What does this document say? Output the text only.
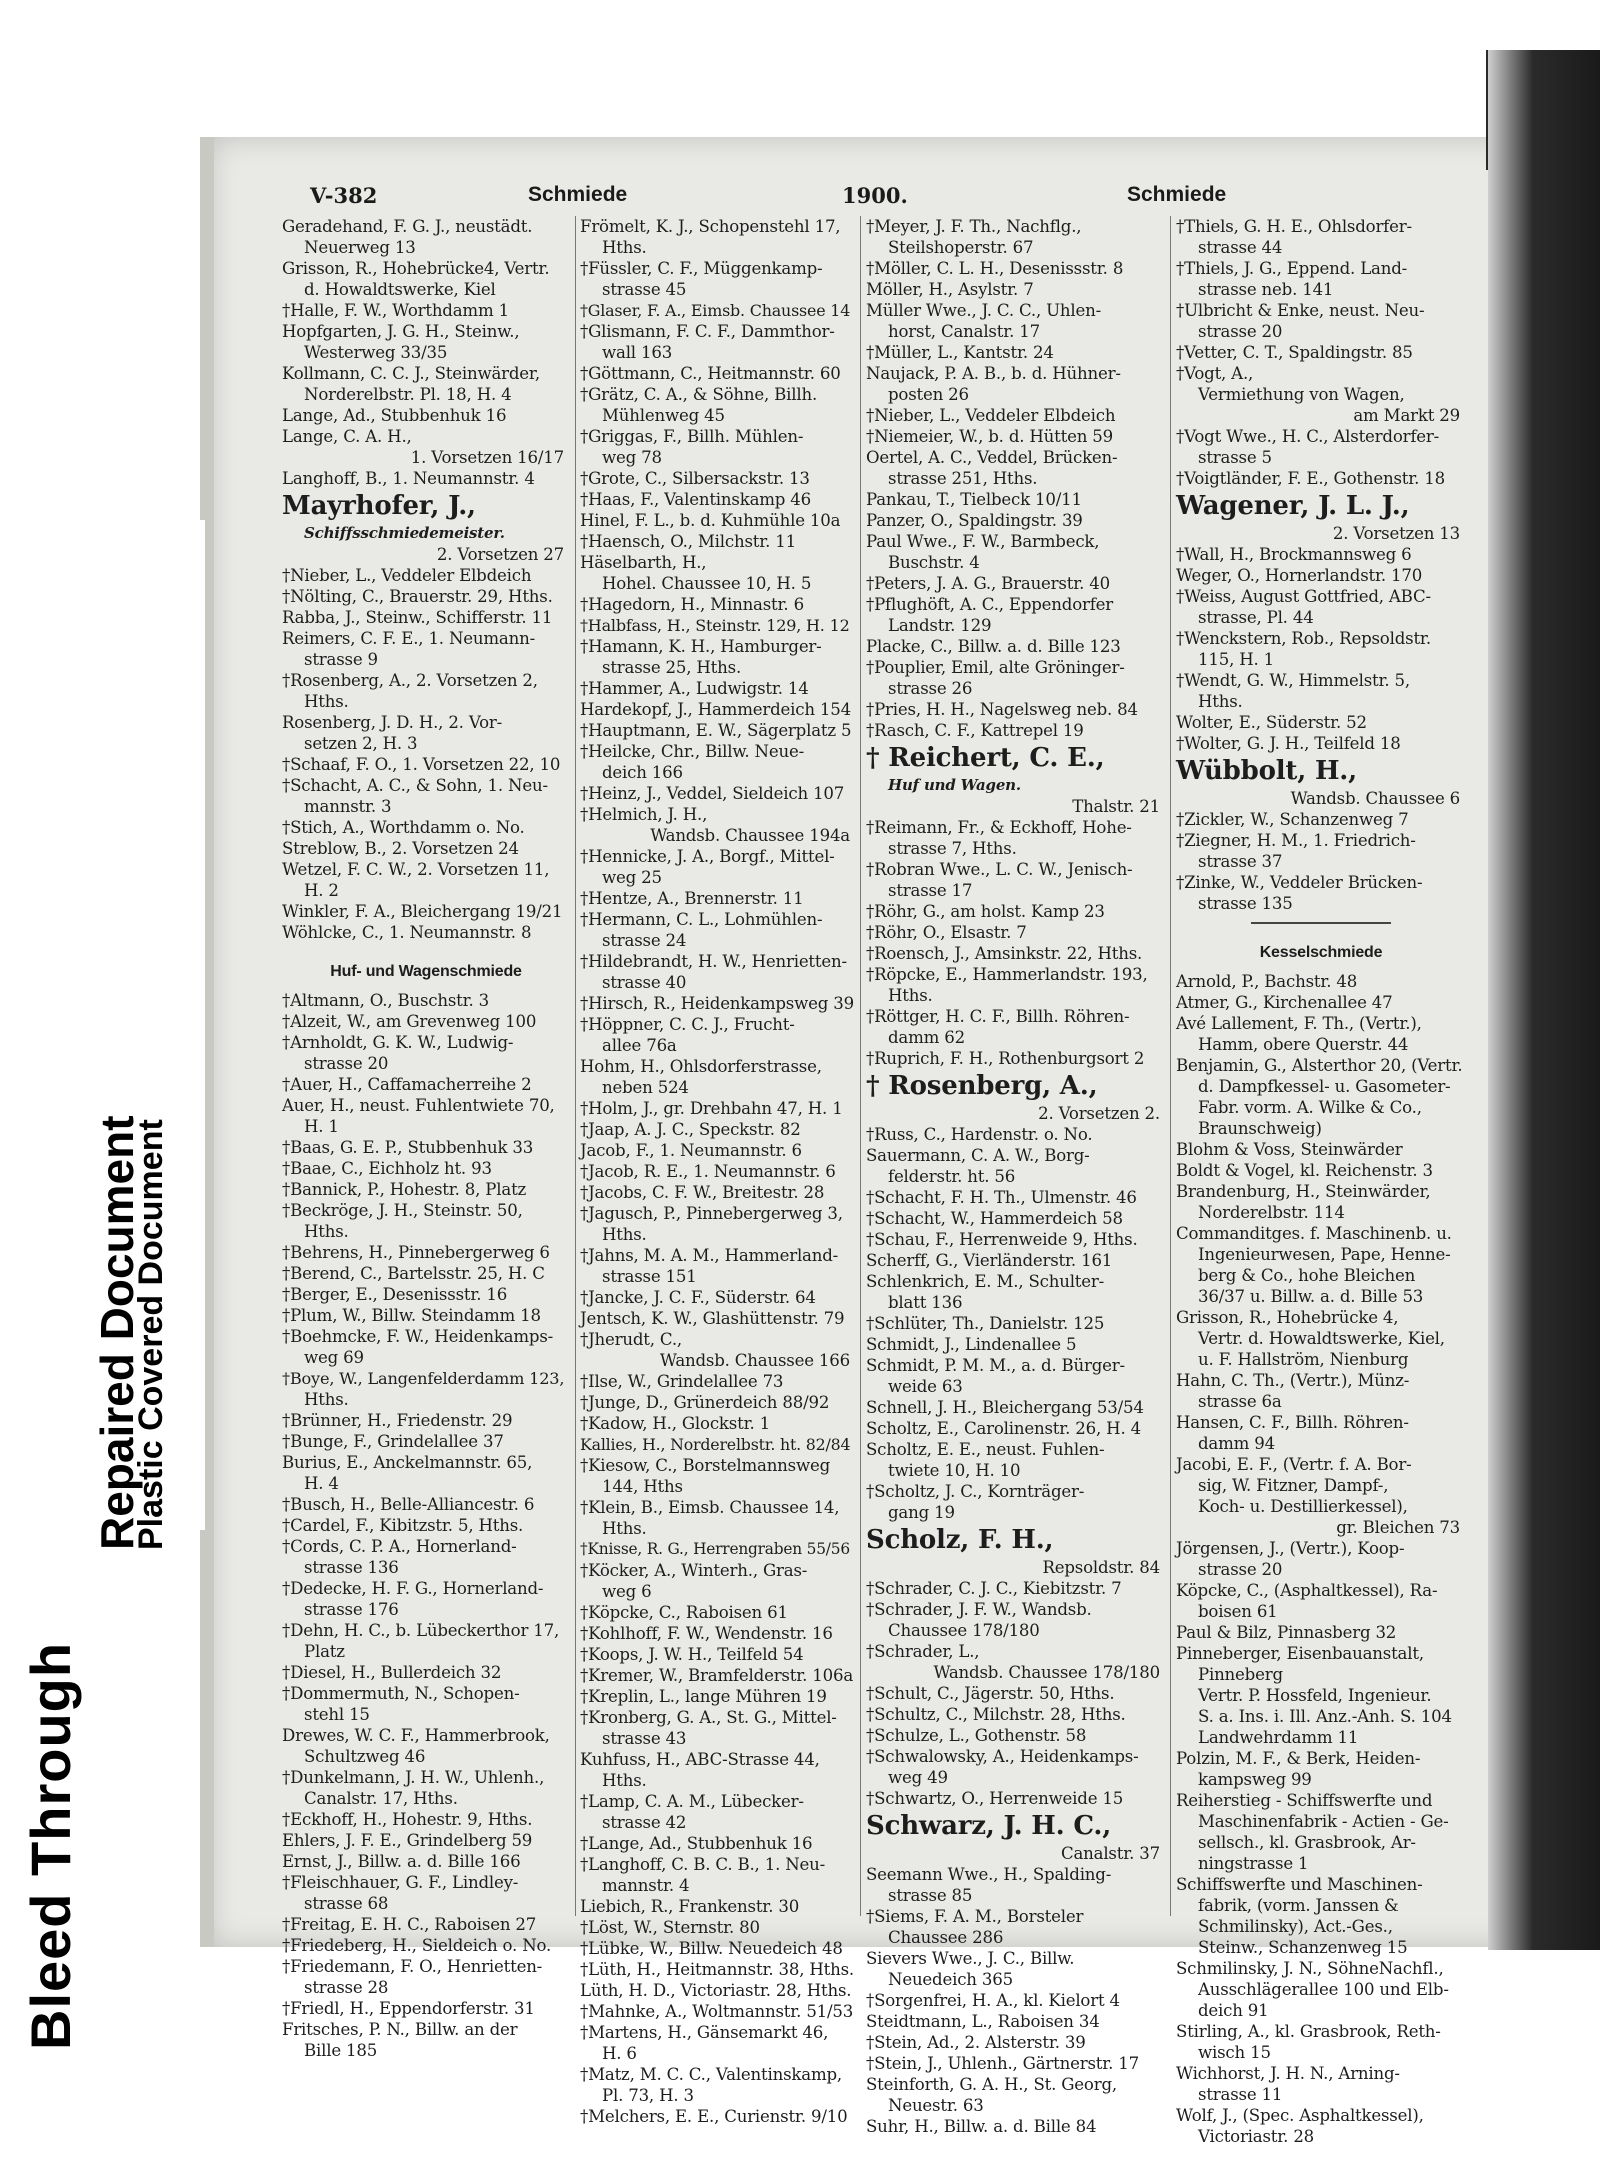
Bleed Through
Repaired Document
Plastic Covered Document
V-382	Schmiede	1900.	Schmiede
Geradehand, F. G. J., neustädt.
Neuerweg 13
Grisson, R., Hohebrücke4, Vertr.
d. Howaldtswerke, Kiel
†Halle, F. W., Worthdamm 1
Hopfgarten, J. G. H., Steinw.,
Westerweg 33/35
Kollmann, C. C. J., Steinwärder,
Norderelbstr. Pl. 18, H. 4
Lange, Ad., Stubbenhuk 16
Lange, C. A. H.,
1. Vorsetzen 16/17
Langhoff, B., 1. Neumannstr. 4
Mayrhofer, J.,
Schiffsschmiedemeister.
2. Vorsetzen 27
†Nieber, L., Veddeler Elbdeich
†Nölting, C., Brauerstr. 29, Hths.
Rabba, J., Steinw., Schifferstr. 11
Reimers, C. F. E., 1. Neumann-
strasse 9
†Rosenberg, A., 2. Vorsetzen 2,
Hths.
Rosenberg, J. D. H., 2. Vor-
setzen 2, H. 3
†Schaaf, F. O., 1. Vorsetzen 22, 10
†Schacht, A. C., & Sohn, 1. Neu-
mannstr. 3
†Stich, A., Worthdamm o. No.
Streblow, B., 2. Vorsetzen 24
Wetzel, F. C. W., 2. Vorsetzen 11,
H. 2
Winkler, F. A., Bleichergang 19/21
Wöhlcke, C., 1. Neumannstr. 8
Huf- und Wagenschmiede
†Altmann, O., Buschstr. 3
†Alzeit, W., am Grevenweg 100
†Arnholdt, G. K. W., Ludwig-
strasse 20
†Auer, H., Caffamacherreihe 2
Auer, H., neust. Fuhlentwiete 70,
H. 1
†Baas, G. E. P., Stubbenhuk 33
†Baae, C., Eichholz ht. 93
†Bannick, P., Hohestr. 8, Platz
†Beckröge, J. H., Steinstr. 50,
Hths.
†Behrens, H., Pinnebergerweg 6
†Berend, C., Bartelsstr. 25, H. C
†Berger, E., Desenissstr. 16
†Plum, W., Billw. Steindamm 18
†Boehmcke, F. W., Heidenkamps-
weg 69
†Boye, W., Langenfelderdamm 123,
Hths.
†Brünner, H., Friedenstr. 29
†Bunge, F., Grindelallee 37
Burius, E., Anckelmannstr. 65,
H. 4
†Busch, H., Belle-Alliancestr. 6
†Cardel, F., Kibitzstr. 5, Hths.
†Cords, C. P. A., Hornerland-
strasse 136
†Dedecke, H. F. G., Hornerland-
strasse 176
†Dehn, H. C., b. Lübeckerthor 17,
Platz
†Diesel, H., Bullerdeich 32
†Dommermuth, N., Schopen-
stehl 15
Drewes, W. C. F., Hammerbrook,
Schultzweg 46
†Dunkelmann, J. H. W., Uhlenh.,
Canalstr. 17, Hths.
†Eckhoff, H., Hohestr. 9, Hths.
Ehlers, J. F. E., Grindelberg 59
Ernst, J., Billw. a. d. Bille 166
†Fleischhauer, G. F., Lindley-
strasse 68
†Freitag, E. H. C., Raboisen 27
†Friedeberg, H., Sieldeich o. No.
†Friedemann, F. O., Henrietten-
strasse 28
†Friedl, H., Eppendorferstr. 31
Fritsches, P. N., Billw. an der
Bille 185
Frömelt, K. J., Schopenstehl 17,
Hths.
†Füssler, C. F., Müggenkamp-
strasse 45
†Glaser, F. A., Eimsb. Chaussee 14
†Glismann, F. C. F., Dammthor-
wall 163
†Göttmann, C., Heitmannstr. 60
†Grätz, C. A., & Söhne, Billh.
Mühlenweg 45
†Griggas, F., Billh. Mühlen-
weg 78
†Grote, C., Silbersackstr. 13
†Haas, F., Valentinskamp 46
Hinel, F. L., b. d. Kuhmühle 10a
†Haensch, O., Milchstr. 11
Häselbarth, H.,
Hohel. Chaussee 10, H. 5
†Hagedorn, H., Minnastr. 6
†Halbfass, H., Steinstr. 129, H. 12
†Hamann, K. H., Hamburger-
strasse 25, Hths.
†Hammer, A., Ludwigstr. 14
Hardekopf, J., Hammerdeich 154
†Hauptmann, E. W., Sägerplatz 5
†Heilcke, Chr., Billw. Neue-
deich 166
†Heinz, J., Veddel, Sieldeich 107
†Helmich, J. H.,
Wandsb. Chaussee 194a
†Hennicke, J. A., Borgf., Mittel-
weg 25
†Hentze, A., Brennerstr. 11
†Hermann, C. L., Lohmühlen-
strasse 24
†Hildebrandt, H. W., Henrietten-
strasse 40
†Hirsch, R., Heidenkampsweg 39
†Höppner, C. C. J., Frucht-
allee 76a
Hohm, H., Ohlsdorferstrasse,
neben 524
†Holm, J., gr. Drehbahn 47, H. 1
†Jaap, A. J. C., Speckstr. 82
Jacob, F., 1. Neumannstr. 6
†Jacob, R. E., 1. Neumannstr. 6
†Jacobs, C. F. W., Breitestr. 28
†Jagusch, P., Pinnebergerweg 3,
Hths.
†Jahns, M. A. M., Hammerland-
strasse 151
†Jancke, J. C. F., Süderstr. 64
Jentsch, K. W., Glashüttenstr. 79
†Jherudt, C.,
Wandsb. Chaussee 166
†Ilse, W., Grindelallee 73
†Junge, D., Grünerdeich 88/92
†Kadow, H., Glockstr. 1
Kallies, H., Norderelbstr. ht. 82/84
†Kiesow, C., Borstelmannsweg
144, Hths
†Klein, B., Eimsb. Chaussee 14,
Hths.
†Knisse, R. G., Herrengraben 55/56
†Köcker, A., Winterh., Gras-
weg 6
†Köpcke, C., Raboisen 61
†Kohlhoff, F. W., Wendenstr. 16
†Koops, J. W. H., Teilfeld 54
†Kremer, W., Bramfelderstr. 106a
†Kreplin, L., lange Mühren 19
†Kronberg, G. A., St. G., Mittel-
strasse 43
Kuhfuss, H., ABC-Strasse 44,
Hths.
†Lamp, C. A. M., Lübecker-
strasse 42
†Lange, Ad., Stubbenhuk 16
†Langhoff, C. B. C. B., 1. Neu-
mannstr. 4
Liebich, R., Frankenstr. 30
†Löst, W., Sternstr. 80
†Lübke, W., Billw. Neuedeich 48
†Lüth, H., Heitmannstr. 38, Hths.
Lüth, H. D., Victoriastr. 28, Hths.
†Mahnke, A., Woltmannstr. 51/53
†Martens, H., Gänsemarkt 46,
H. 6
†Matz, M. C. C., Valentinskamp,
Pl. 73, H. 3
†Melchers, E. E., Curienstr. 9/10
†Meyer, J. F. Th., Nachflg.,
Steilshoperstr. 67
†Möller, C. L. H., Desenissstr. 8
Möller, H., Asylstr. 7
Müller Wwe., J. C. C., Uhlen-
horst, Canalstr. 17
†Müller, L., Kantstr. 24
Naujack, P. A. B., b. d. Hühner-
posten 26
†Nieber, L., Veddeler Elbdeich
†Niemeier, W., b. d. Hütten 59
Oertel, A. C., Veddel, Brücken-
strasse 251, Hths.
Pankau, T., Tielbeck 10/11
Panzer, O., Spaldingstr. 39
Paul Wwe., F. W., Barmbeck,
Buschstr. 4
†Peters, J. A. G., Brauerstr. 40
†Pflughöft, A. C., Eppendorfer
Landstr. 129
Placke, C., Billw. a. d. Bille 123
†Pouplier, Emil, alte Gröninger-
strasse 26
†Pries, H. H., Nagelsweg neb. 84
†Rasch, C. F., Kattrepel 19
† Reichert, C. E.,
Huf und Wagen.
Thalstr. 21
†Reimann, Fr., & Eckhoff, Hohe-
strasse 7, Hths.
†Robran Wwe., L. C. W., Jenisch-
strasse 17
†Röhr, G., am holst. Kamp 23
†Röhr, O., Elsastr. 7
†Roensch, J., Amsinkstr. 22, Hths.
†Röpcke, E., Hammerlandstr. 193,
Hths.
†Röttger, H. C. F., Billh. Röhren-
damm 62
†Ruprich, F. H., Rothenburgsort 2
† Rosenberg, A.,
2. Vorsetzen 2.
†Russ, C., Hardenstr. o. No.
Sauermann, C. A. W., Borg-
felderstr. ht. 56
†Schacht, F. H. Th., Ulmenstr. 46
†Schacht, W., Hammerdeich 58
†Schau, F., Herrenweide 9, Hths.
Scherff, G., Vierländerstr. 161
Schlenkrich, E. M., Schulter-
blatt 136
†Schlüter, Th., Danielstr. 125
Schmidt, J., Lindenallee 5
Schmidt, P. M. M., a. d. Bürger-
weide 63
Schnell, J. H., Bleichergang 53/54
Scholtz, E., Carolinenstr. 26, H. 4
Scholtz, E. E., neust. Fuhlen-
twiete 10, H. 10
†Scholtz, J. C., Kornträger-
gang 19
Scholz, F. H.,
Repsoldstr. 84
†Schrader, C. J. C., Kiebitzstr. 7
†Schrader, J. F. W., Wandsb.
Chaussee 178/180
†Schrader, L.,
Wandsb. Chaussee 178/180
†Schult, C., Jägerstr. 50, Hths.
†Schultz, C., Milchstr. 28, Hths.
†Schulze, L., Gothenstr. 58
†Schwalowsky, A., Heidenkamps-
weg 49
†Schwartz, O., Herrenweide 15
Schwarz, J. H. C.,
Canalstr. 37
Seemann Wwe., H., Spalding-
strasse 85
†Siems, F. A. M., Borsteler
Chaussee 286
Sievers Wwe., J. C., Billw.
Neuedeich 365
†Sorgenfrei, H. A., kl. Kielort 4
Steidtmann, L., Raboisen 34
†Stein, Ad., 2. Alsterstr. 39
†Stein, J., Uhlenh., Gärtnerstr. 17
Steinforth, G. A. H., St. Georg,
Neuestr. 63
Suhr, H., Billw. a. d. Bille 84
†Thiels, G. H. E., Ohlsdorfer-
strasse 44
†Thiels, J. G., Eppend. Land-
strasse neb. 141
†Ulbricht & Enke, neust. Neu-
strasse 20
†Vetter, C. T., Spaldingstr. 85
†Vogt, A.,
Vermiethung von Wagen,
am Markt 29
†Vogt Wwe., H. C., Alsterdorfer-
strasse 5
†Voigtländer, F. E., Gothenstr. 18
Wagener, J. L. J.,
2. Vorsetzen 13
†Wall, H., Brockmannsweg 6
Weger, O., Hornerlandstr. 170
†Weiss, August Gottfried, ABC-
strasse, Pl. 44
†Wenckstern, Rob., Repsoldstr.
115, H. 1
†Wendt, G. W., Himmelstr. 5,
Hths.
Wolter, E., Süderstr. 52
†Wolter, G. J. H., Teilfeld 18
Wübbolt, H.,
Wandsb. Chaussee 6
†Zickler, W., Schanzenweg 7
†Ziegner, H. M., 1. Friedrich-
strasse 37
†Zinke, W., Veddeler Brücken-
strasse 135
Kesselschmiede
Arnold, P., Bachstr. 48
Atmer, G., Kirchenallee 47
Avé Lallement, F. Th., (Vertr.),
Hamm, obere Querstr. 44
Benjamin, G., Alsterthor 20, (Vertr.
d. Dampfkessel- u. Gasometer-
Fabr. vorm. A. Wilke & Co.,
Braunschweig)
Blohm & Voss, Steinwärder
Boldt & Vogel, kl. Reichenstr. 3
Brandenburg, H., Steinwärder,
Norderelbstr. 114
Commanditges. f. Maschinenb. u.
Ingenieurwesen, Pape, Henne-
berg & Co., hohe Bleichen
36/37 u. Billw. a. d. Bille 53
Grisson, R., Hohebrücke 4,
Vertr. d. Howaldtswerke, Kiel,
u. F. Hallström, Nienburg
Hahn, C. Th., (Vertr.), Münz-
strasse 6a
Hansen, C. F., Billh. Röhren-
damm 94
Jacobi, E. F., (Vertr. f. A. Bor-
sig, W. Fitzner, Dampf-,
Koch- u. Destillierkessel),
gr. Bleichen 73
Jörgensen, J., (Vertr.), Koop-
strasse 20
Köpcke, C., (Asphaltkessel), Ra-
boisen 61
Paul & Bilz, Pinnasberg 32
Pinneberger, Eisenbauanstalt,
Pinneberg
Vertr. P. Hossfeld, Ingenieur.
S. a. Ins. i. Ill. Anz.-Anh. S. 104
Landwehrdamm 11
Polzin, M. F., & Berk, Heiden-
kampsweg 99
Reiherstieg - Schiffswerfte und
Maschinenfabrik - Actien - Ge-
sellsch., kl. Grasbrook, Ar-
ningstrasse 1
Schiffswerfte und Maschinen-
fabrik, (vorm. Janssen &
Schmilinsky), Act.-Ges.,
Steinw., Schanzenweg 15
Schmilinsky, J. N., SöhneNachfl.,
Ausschlägerallee 100 und Elb-
deich 91
Stirling, A., kl. Grasbrook, Reth-
wisch 15
Wichhorst, J. H. N., Arning-
strasse 11
Wolf, J., (Spec. Asphaltkessel),
Victoriastr. 28
